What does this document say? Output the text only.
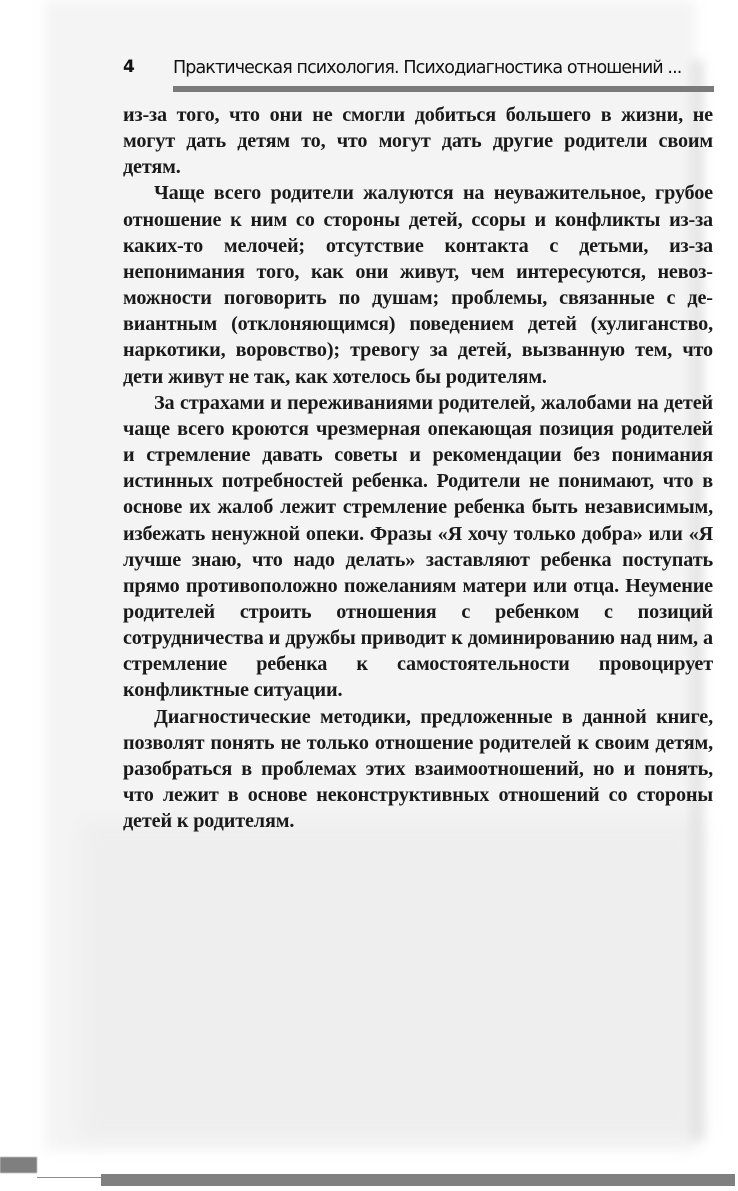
4 Практическая психология. Психодиагностика отношений ...

из-за того, что они не смогли добиться большего в жизни, не могут дать детям то, что могут дать другие родители своим детям.

Чаще всего родители жалуются на неуважительное, грубое отношение к ним со стороны детей, ссоры и конфликты из-за каких-то мелочей; отсутствие контакта с детьми, из-за непонимания того, как они живут, чем интересуются, невозможности поговорить по душам; проблемы, связанные с девиантным (отклоняющимся) поведением детей (хулиганство, наркотики, воровство); тревогу за детей, вызванную тем, что дети живут не так, как хотелось бы родителям.

За страхами и переживаниями родителей, жалобами на детей чаще всего кроются чрезмерная опекающая позиция родителей и стремление давать советы и рекомендации без понимания истинных потребностей ребенка. Родители не понимают, что в основе их жалоб лежит стремление ребенка быть независимым, избежать ненужной опеки. Фразы «Я хочу только добра» или «Я лучше знаю, что надо делать» заставляют ребенка поступать прямо противоположно пожеланиям матери или отца. Неумение родителей строить отношения с ребенком с позиций сотрудничества и дружбы приводит к доминированию над ним, а стремление ребенка к самостоятельности провоцирует конфликтные ситуации.

Диагностические методики, предложенные в данной книге, позволят понять не только отношение родителей к своим детям, разобраться в проблемах этих взаимоотношений, но и понять, что лежит в основе неконструктивных отношений со стороны детей к родителям.
